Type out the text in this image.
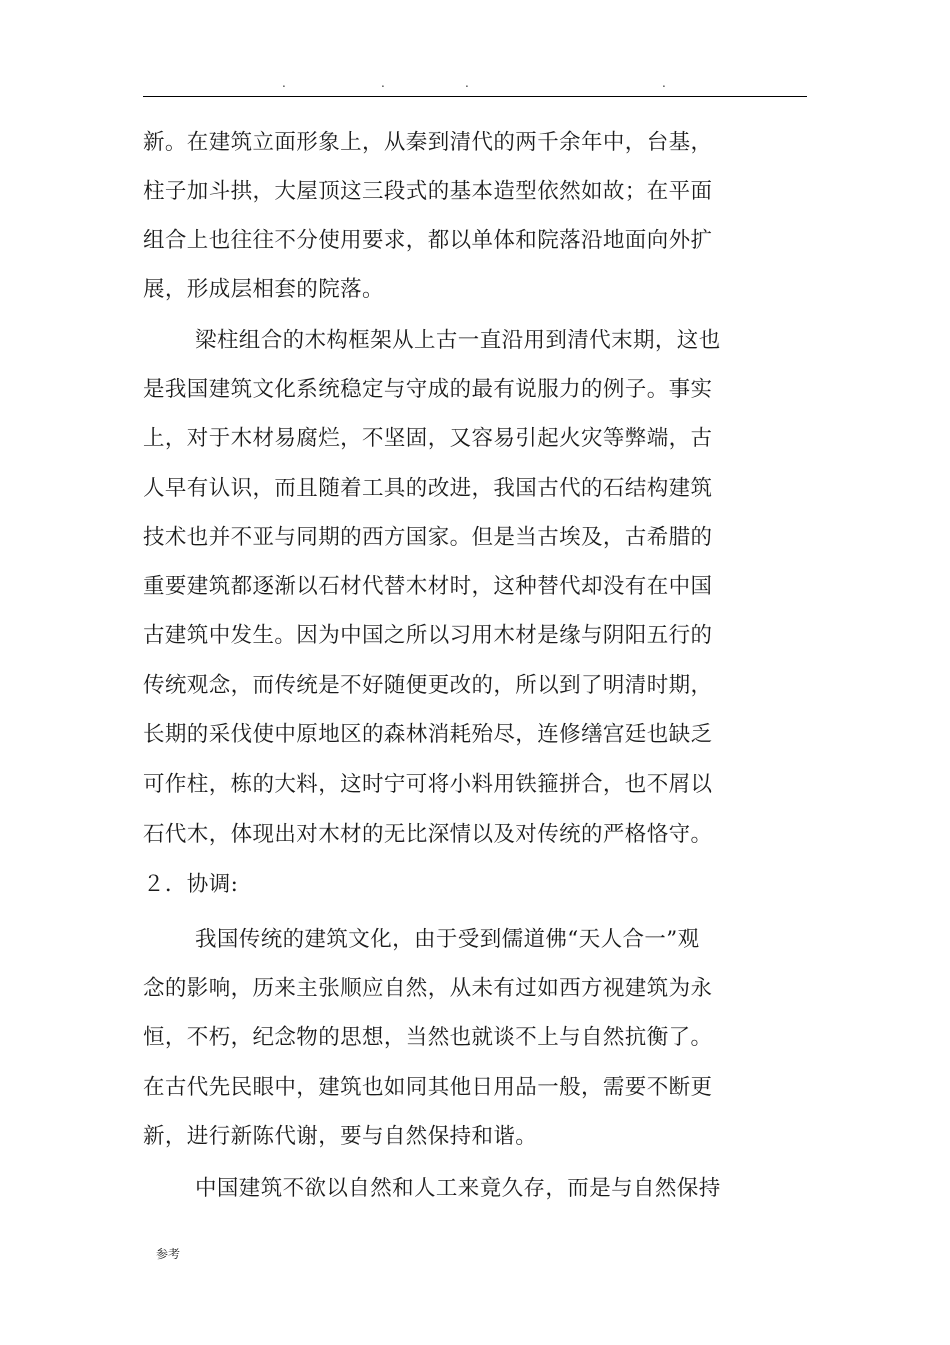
.	.	.	.
新。在建筑立面形象上，从秦到清代的两千余年中，台基，
柱子加斗拱，大屋顶这三段式的基本造型依然如故；在平面
组合上也往往不分使用要求，都以单体和院落沿地面向外扩
展，形成层相套的院落。
梁柱组合的木构框架从上古一直沿用到清代末期，这也
是我国建筑文化系统稳定与守成的最有说服力的例子。事实
上，对于木材易腐烂，不坚固，又容易引起火灾等弊端，古
人早有认识，而且随着工具的改进，我国古代的石结构建筑
技术也并不亚与同期的西方国家。但是当古埃及，古希腊的
重要建筑都逐渐以石材代替木材时，这种替代却没有在中国
古建筑中发生。因为中国之所以习用木材是缘与阴阳五行的
传统观念，而传统是不好随便更改的，所以到了明清时期，
长期的采伐使中原地区的森林消耗殆尽，连修缮宫廷也缺乏
可作柱，栋的大料，这时宁可将小料用铁箍拼合，也不屑以
石代木，体现出对木材的无比深情以及对传统的严格恪守。
２．协调:
我国传统的建筑文化，由于受到儒道佛“天人合一”观
念的影响，历来主张顺应自然，从未有过如西方视建筑为永
恒，不朽，纪念物的思想，当然也就谈不上与自然抗衡了。
在古代先民眼中，建筑也如同其他日用品一般，需要不断更
新，进行新陈代谢，要与自然保持和谐。
中国建筑不欲以自然和人工来竟久存，而是与自然保持
参考
